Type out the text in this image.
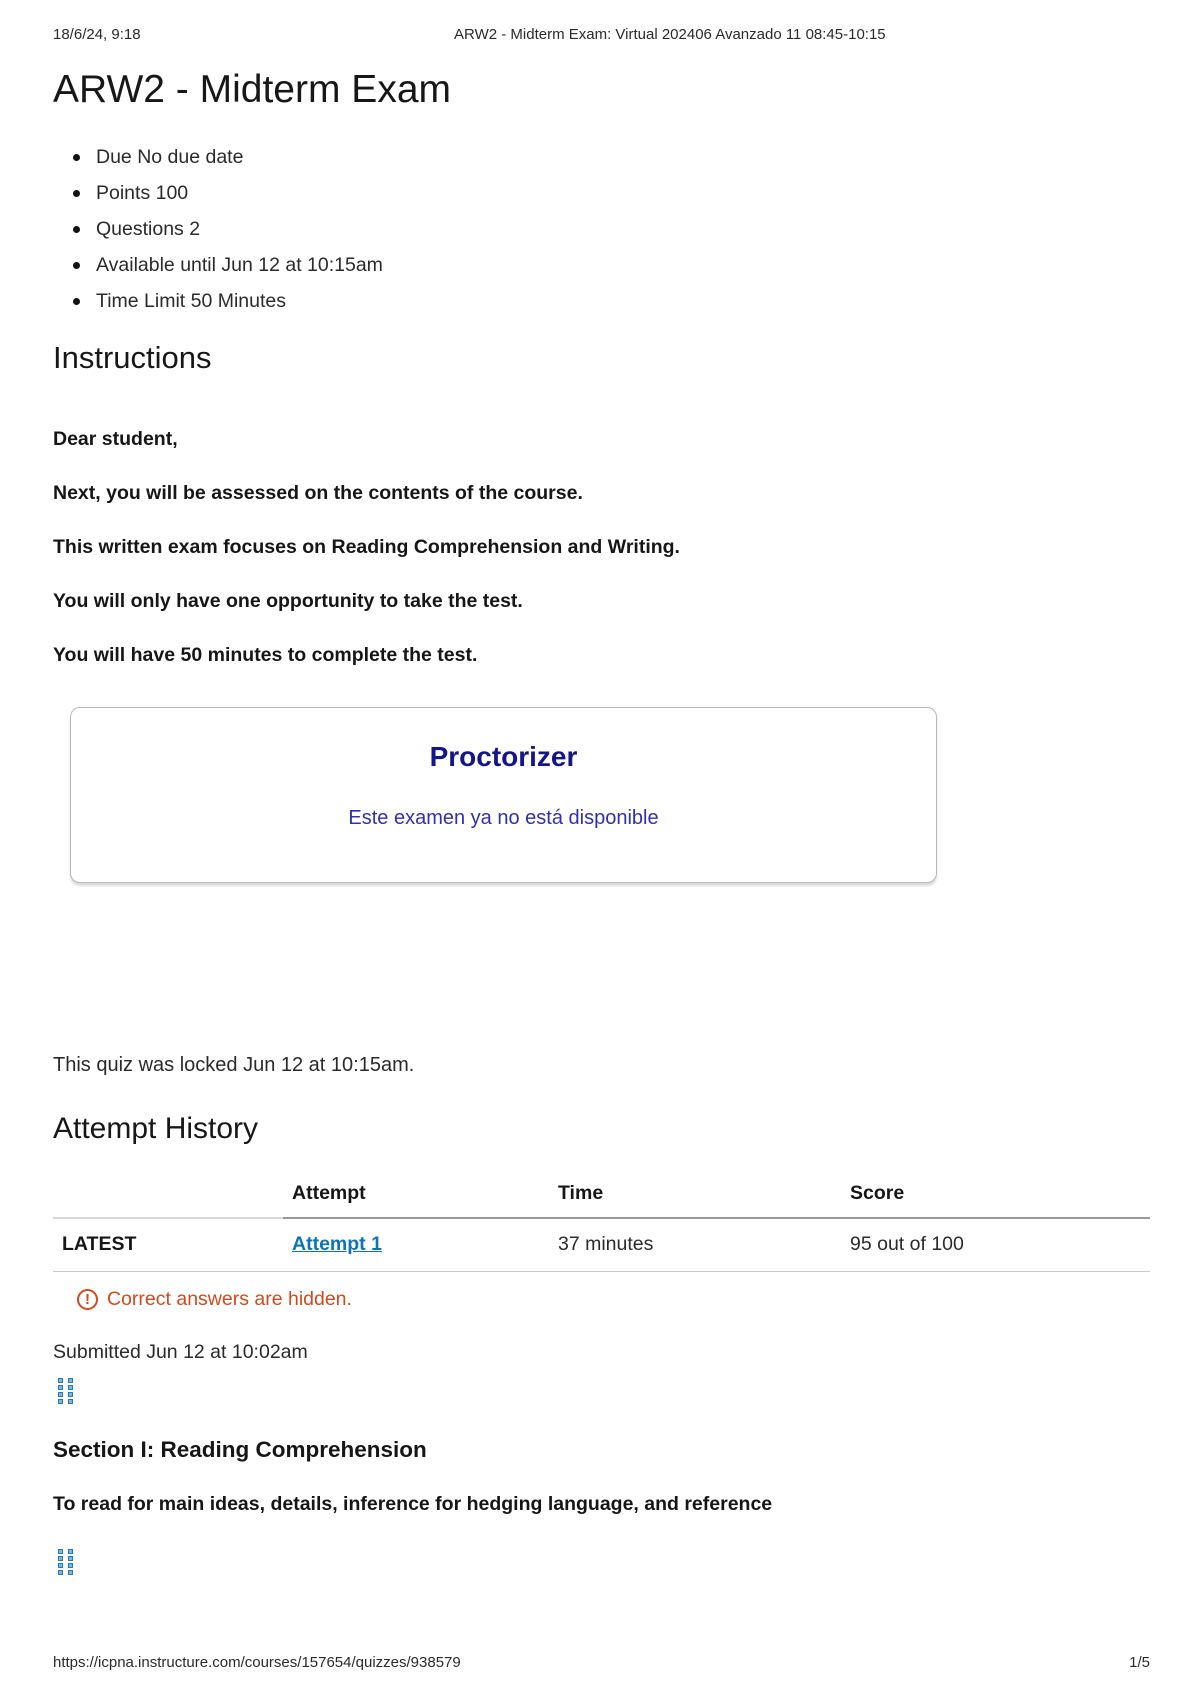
18/6/24, 9:18	ARW2 - Midterm Exam: Virtual 202406 Avanzado 11 08:45-10:15
ARW2 - Midterm Exam
Due No due date
Points 100
Questions 2
Available until Jun 12 at 10:15am
Time Limit 50 Minutes
Instructions

Dear student,

Next, you will be assessed on the contents of the course.

This written exam focuses on Reading Comprehension and Writing.

You will only have one opportunity to take the test.

You will have 50 minutes to complete the test.

Proctorizer
Este examen ya no está disponible
This quiz was locked Jun 12 at 10:15am.
Attempt History
	Attempt	Time	Score
LATEST	Attempt 1	37 minutes	95 out of 100
! Correct answers are hidden.
Submitted Jun 12 at 10:02am
Section I: Reading Comprehension

To read for main ideas, details, inference for hedging language, and reference

https://icpna.instructure.com/courses/157654/quizzes/938579	1/5
